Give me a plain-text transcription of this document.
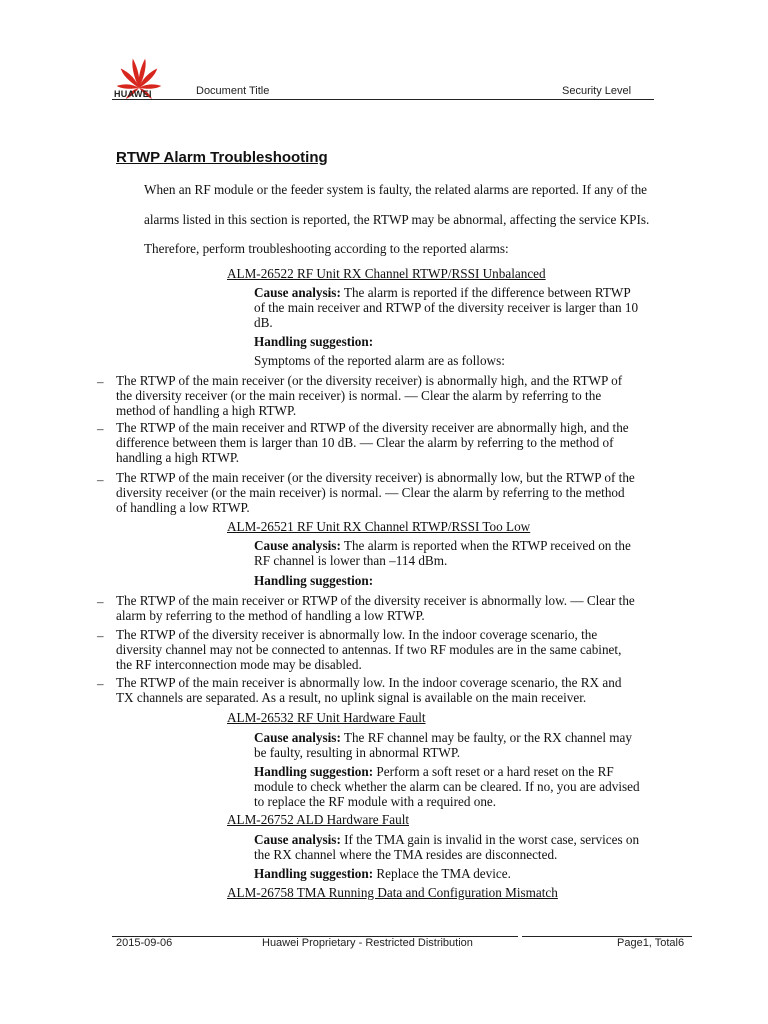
HUAWEI	Document Title	Security Level
RTWP Alarm Troubleshooting
When an RF module or the feeder system is faulty, the related alarms are reported. If any of the
alarms listed in this section is reported, the RTWP may be abnormal, affecting the service KPIs.
Therefore, perform troubleshooting according to the reported alarms:
ALM-26522 RF Unit RX Channel RTWP/RSSI Unbalanced
Cause analysis: The alarm is reported if the difference between RTWP
of the main receiver and RTWP of the diversity receiver is larger than 10
dB.
Handling suggestion:
Symptoms of the reported alarm are as follows:
– The RTWP of the main receiver (or the diversity receiver) is abnormally high, and the RTWP of
the diversity receiver (or the main receiver) is normal. — Clear the alarm by referring to the
method of handling a high RTWP.
– The RTWP of the main receiver and RTWP of the diversity receiver are abnormally high, and the
difference between them is larger than 10 dB. — Clear the alarm by referring to the method of
handling a high RTWP.
– The RTWP of the main receiver (or the diversity receiver) is abnormally low, but the RTWP of the
diversity receiver (or the main receiver) is normal. — Clear the alarm by referring to the method
of handling a low RTWP.
ALM-26521 RF Unit RX Channel RTWP/RSSI Too Low
Cause analysis: The alarm is reported when the RTWP received on the
RF channel is lower than –114 dBm.
Handling suggestion:
– The RTWP of the main receiver or RTWP of the diversity receiver is abnormally low. — Clear the
alarm by referring to the method of handling a low RTWP.
– The RTWP of the diversity receiver is abnormally low. In the indoor coverage scenario, the
diversity channel may not be connected to antennas. If two RF modules are in the same cabinet,
the RF interconnection mode may be disabled.
– The RTWP of the main receiver is abnormally low. In the indoor coverage scenario, the RX and
TX channels are separated. As a result, no uplink signal is available on the main receiver.
ALM-26532 RF Unit Hardware Fault
Cause analysis: The RF channel may be faulty, or the RX channel may
be faulty, resulting in abnormal RTWP.
Handling suggestion: Perform a soft reset or a hard reset on the RF
module to check whether the alarm can be cleared. If no, you are advised
to replace the RF module with a required one.
ALM-26752 ALD Hardware Fault
Cause analysis: If the TMA gain is invalid in the worst case, services on
the RX channel where the TMA resides are disconnected.
Handling suggestion: Replace the TMA device.
ALM-26758 TMA Running Data and Configuration Mismatch
2015-09-06	Huawei Proprietary - Restricted Distribution	Page1, Total6
